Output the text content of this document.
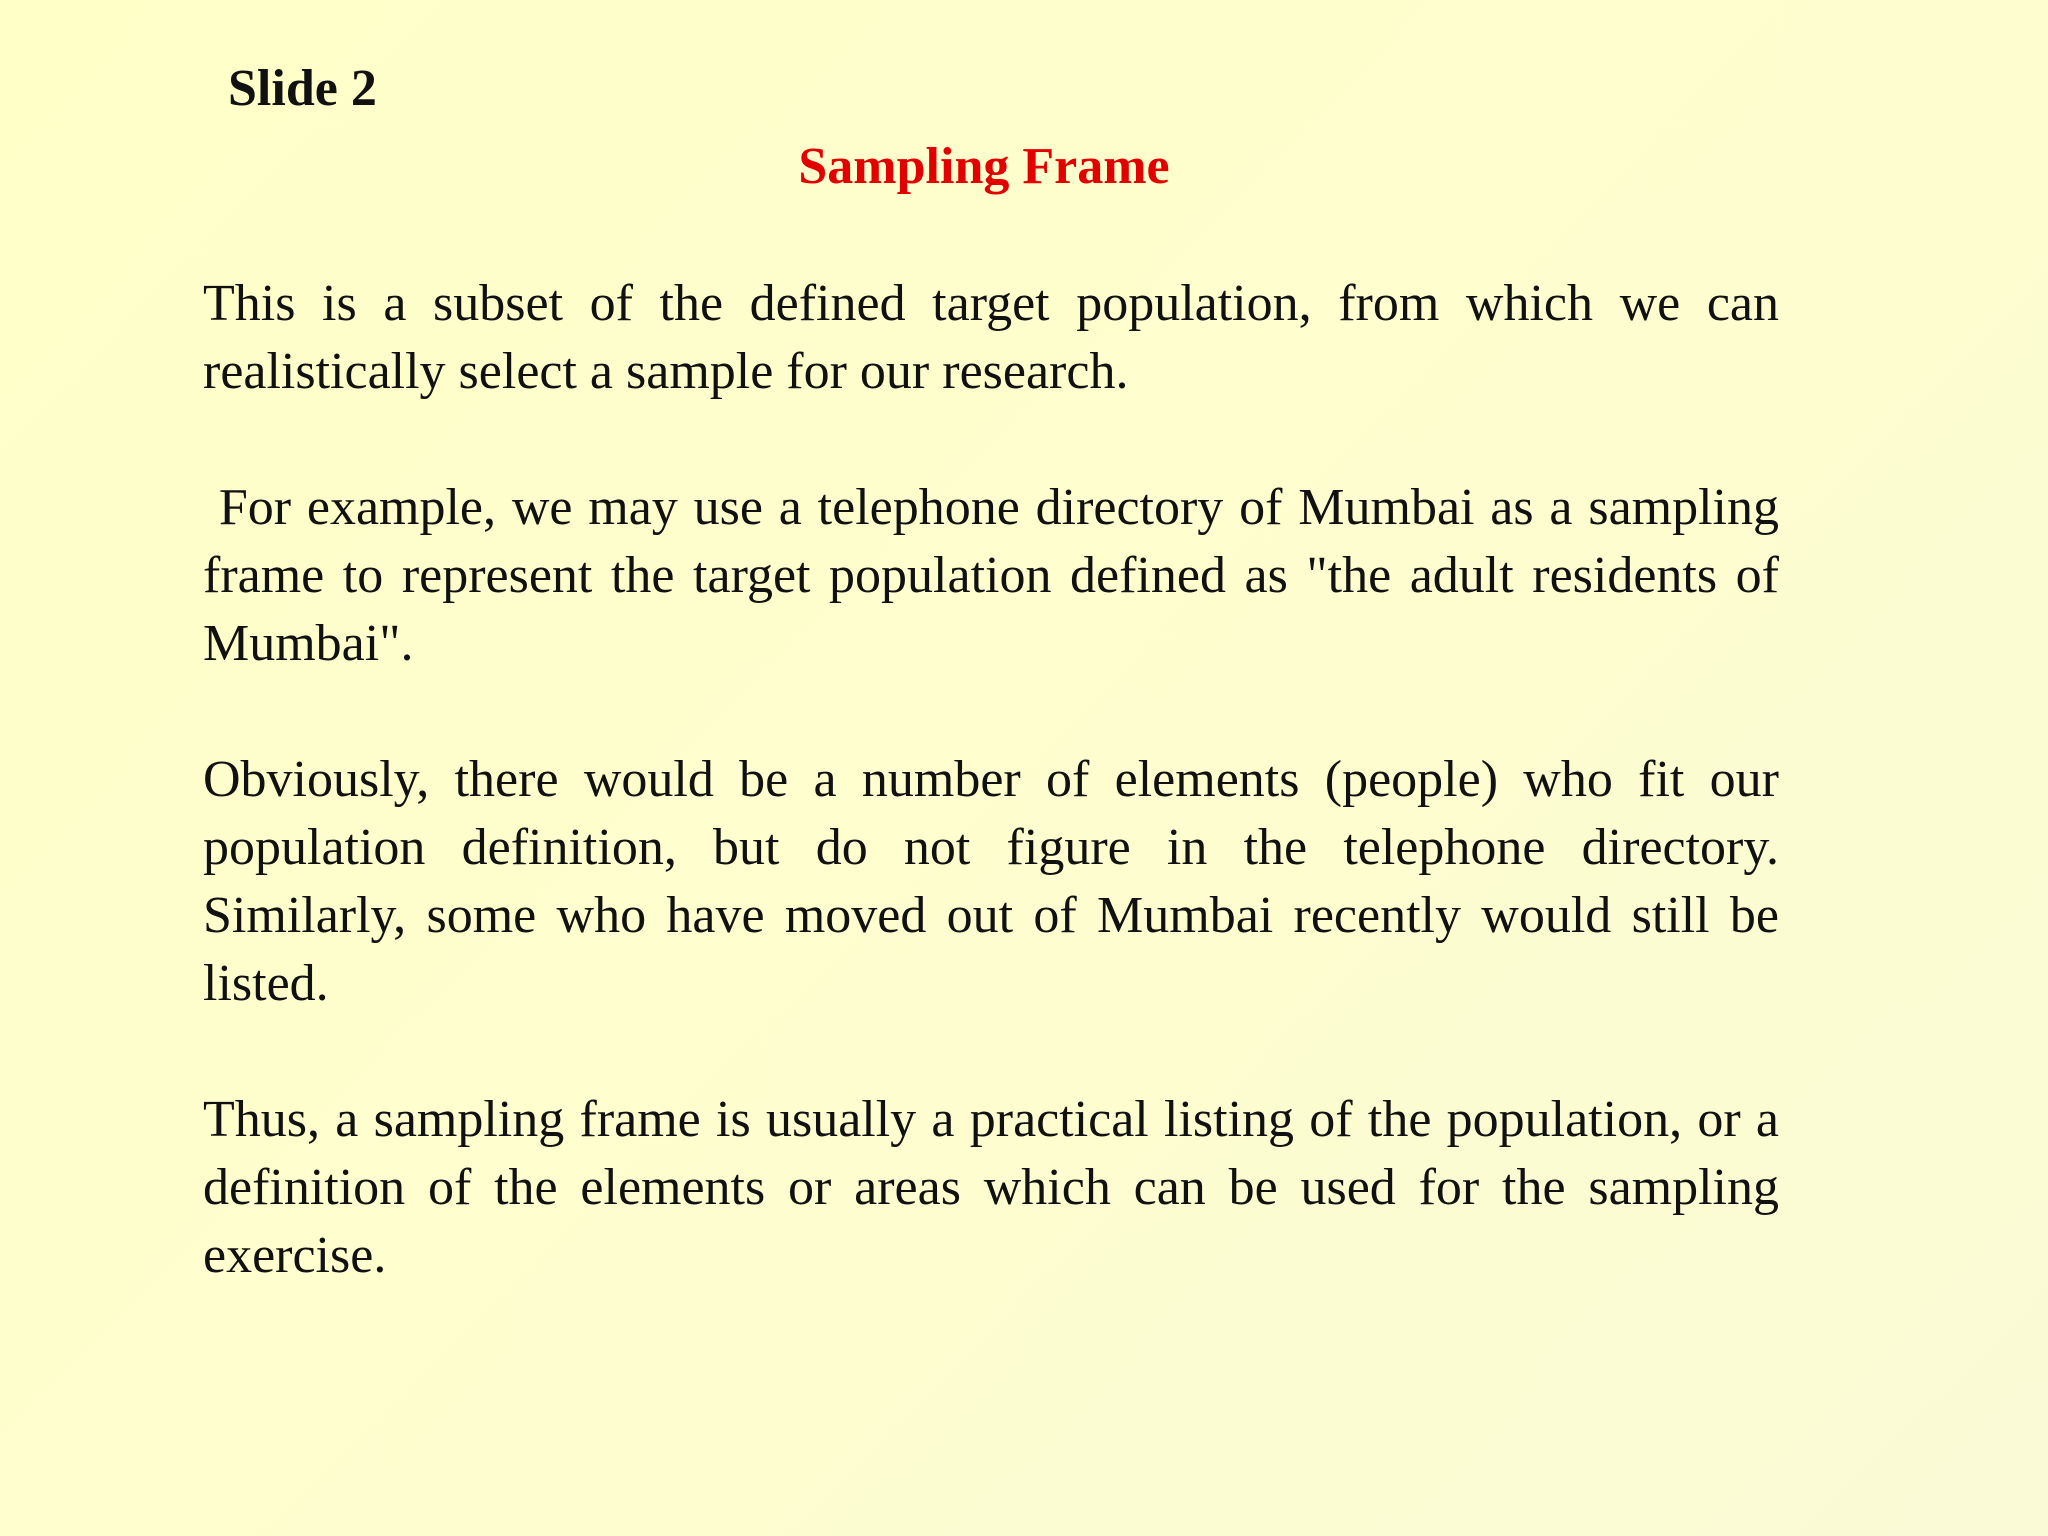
Slide 2
Sampling Frame

This is a subset of the defined target population, from which we can realistically select a sample for our research.

For example, we may use a telephone directory of Mumbai as a sampling frame to represent the target population defined as "the adult residents of Mumbai".

Obviously, there would be a number of elements (people) who fit our population definition, but do not figure in the telephone directory. Similarly, some who have moved out of Mumbai recently would still be listed.

Thus, a sampling frame is usually a practical listing of the population, or a definition of the elements or areas which can be used for the sampling exercise.
